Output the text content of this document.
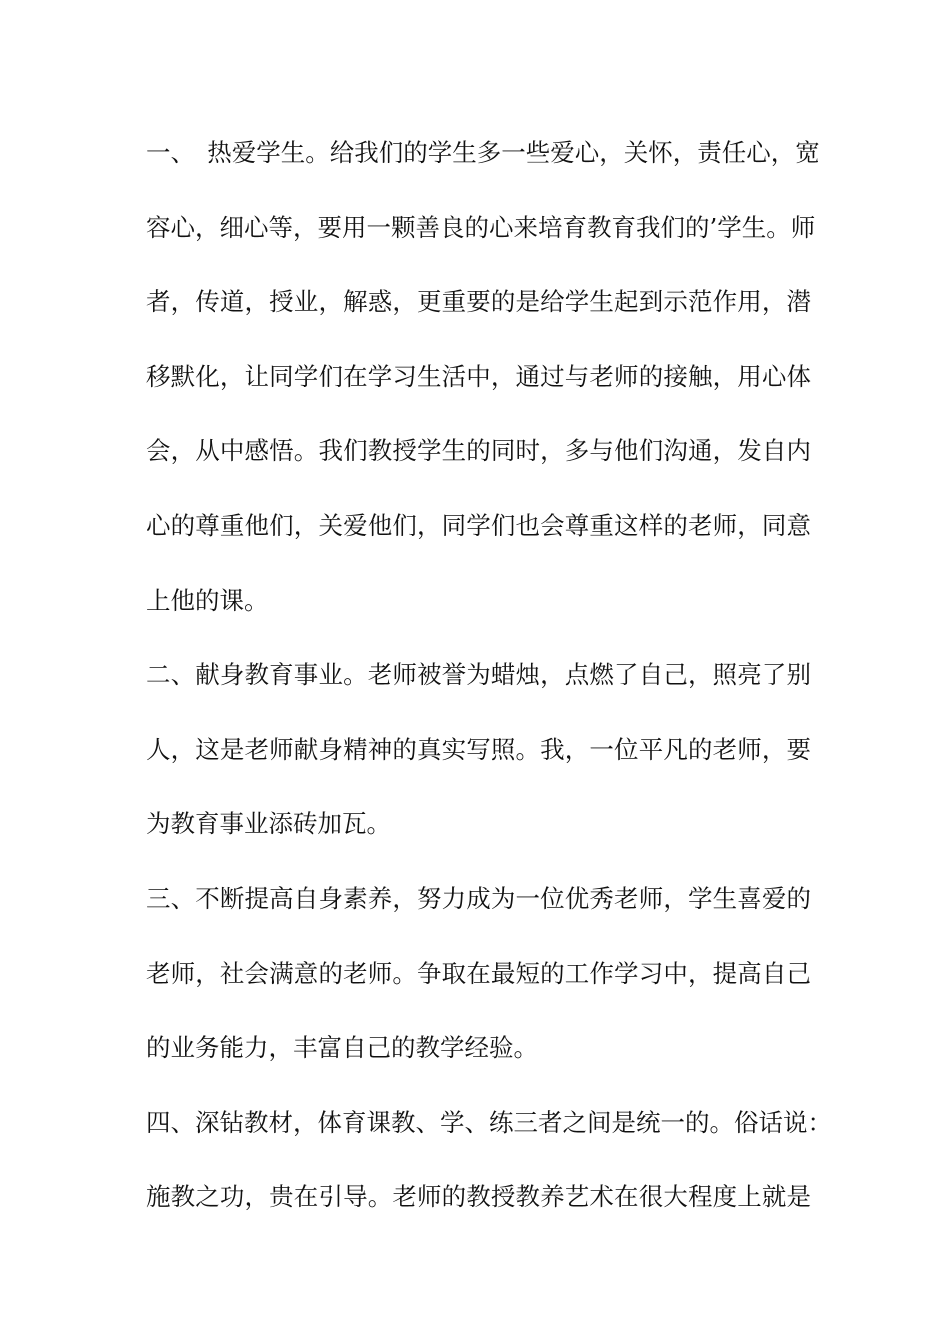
一、　热爱学生。给我们的学生多一些爱心，关怀，责任心，宽
容心，细心等，要用一颗善良的心来培育教育我们的’学生。师
者，传道，授业，解惑，更重要的是给学生起到示范作用，潜
移默化，让同学们在学习生活中，通过与老师的接触，用心体
会，从中感悟。我们教授学生的同时，多与他们沟通，发自内
心的尊重他们，关爱他们，同学们也会尊重这样的老师，同意
上他的课。
二、献身教育事业。老师被誉为蜡烛，点燃了自己，照亮了别
人，这是老师献身精神的真实写照。我，一位平凡的老师，要
为教育事业添砖加瓦。
三、不断提高自身素养，努力成为一位优秀老师，学生喜爱的
老师，社会满意的老师。争取在最短的工作学习中，提高自己
的业务能力，丰富自己的教学经验。
四、深钻教材，体育课教、学、练三者之间是统一的。俗话说：
施教之功，贵在引导。老师的教授教养艺术在很大程度上就是
